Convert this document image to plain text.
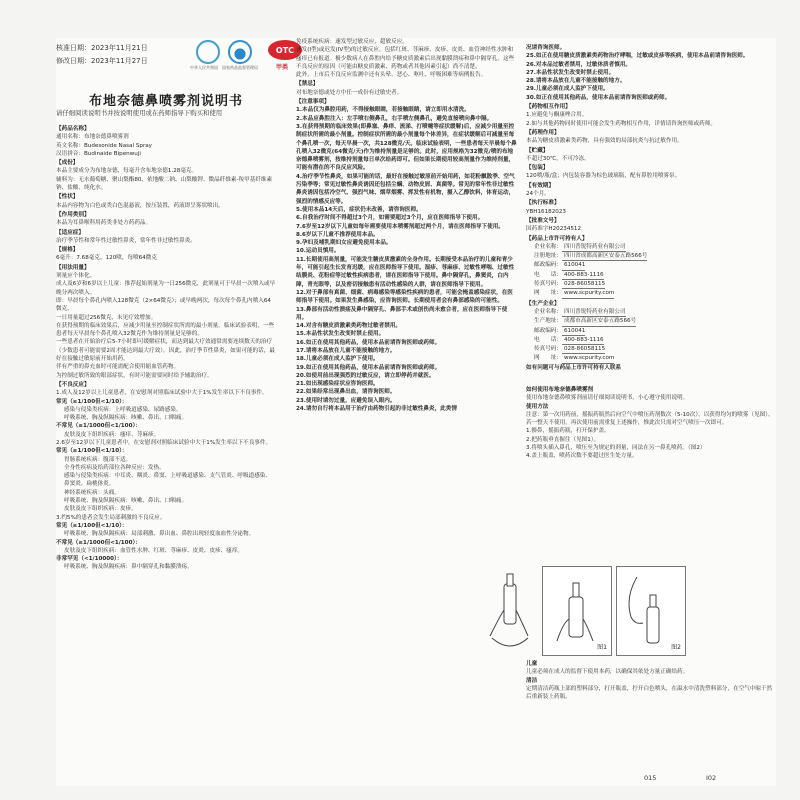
核准日期：2023年11月21日
修改日期：2023年11月27日
OTC
甲类
中华人民共和国 国家药品监督管理局
布地奈德鼻喷雾剂说明书
请仔细阅读说明书并按说明使用或在药师指导下购买和使用
【药品名称】
通用名称：布地奈德鼻喷雾剂
英文名称：Budesonide Nasal Spray
汉语拼音：Budinaide Bipenwuji
【成份】
本品主要成分为布地奈德，每毫升含布地奈德1.28毫克。
辅料为：无水葡萄糖、聚山梨酯80、依地酸二钠、山梨酸钾、微晶纤维素-羧甲基纤维素钠、盐酸、纯化水。
【性状】
本品内容物为白色或类白色混悬液，按压装置，药液即呈雾状喷出。
【作用类别】
本品为耳鼻喉科用药类非处方药药品。
【适应症】
治疗季节性和常年性过敏性鼻炎，常年性非过敏性鼻炎。
【规格】
6毫升：7.68毫克，120喷，每喷64微克
【用法用量】
剂量应个体化。
成人及6岁和6岁以上儿童：推荐起始剂量为一日256微克，此剂量可于早晨一次喷入或早晚分两次喷入。
即：早晨每个鼻孔内喷入128微克（2×64微克）；或早晚两次，每次每个鼻孔内喷入64微克。
一日用量超过256微克，未见疗效增加。
在获得预期的临床效果后，应减少用量至控制症状所需的最小剂量。临床试验表明，一些患者每天早晨每个鼻孔喷入32微克作为维持剂量是足够的。
一些患者在开始治疗后5-7小时即可缓解症状，而达到最大疗效通常需要连续数天的治疗（少数患者可能需要2周才能达到最大疗效）。因此，治疗季节性鼻炎，如果可能的话，最好在接触过敏原前开始用药。
伴有严重的鼻充血时可能需配合使用缩血管药物。
为控制过敏所致的眼部症状，有时可能需要同时给予辅助治疗。
【不良反应】
1.成人及12岁以上儿童患者，在安慰剂对照临床试验中大于1%发生率以下不良事件。
常见（≥1/100但<1/10）：
感染与侵染类疾病：上呼吸道感染、尿路感染。
呼吸系统、胸及纵隔疾病：咳嗽、鼻出、口咽痛。
不常见（≥1/1000但<1/100）：
皮肤及皮下组织疾病：瘙痒、荨麻疹。
2.6岁至12岁以下儿童患者中，在安慰剂对照临床试验中大于1%发生率以下不良事件。
常见（≥1/100但<1/10）：
胃肠系统疾病：腹部不适。
全身性疾病及给药部位各种反应：发热。
感染与侵染类疾病：中耳炎、咽炎、鼻窦、上呼吸道感染、支气管炎、呼吸道感染、鼻窦炎、扁桃体炎。
神经系统疾病：头痛。
呼吸系统、胸及纵隔疾病：咳嗽、鼻出、口咽痛。
皮肤及皮下组织疾病：皮疹。
3.约5%的患者会发生局部刺激的不良反应。
常见（≥1/100但<1/10）：
呼吸系统、胸及纵隔疾病：局部刺激、鼻出血、鼻腔出现轻度血血性分泌物。
不常见（≥1/1000但<1/100）：
皮肤及皮下组织疾病：血管性水肿、红斑、荨麻疹、皮炎、皮疹、瘙痒。
非常罕见（<1/10000）：
呼吸系统、胸及纵隔疾病：鼻中隔穿孔和黏膜溃疡。
免疫系统疾病：速发型过敏反应，超敏反应。
速发(I型)或迟发(IV型)的过敏反应，包括红斑、荨麻疹、皮疹、皮炎、血管神经性水肿和瘙痒已有报道。极少数病人在鼻腔内给予糖皮质激素后出现黏膜溃疡和鼻中隔穿孔。这些不良反应的原因（可能由糖皮质激素、药物或者其他因素引起）尚不清楚。
此外，上市后不良反应监测中还有头晕、恶心、呕吐、呼吸困难等病例报告。
【禁忌】
对布地奈德或处方中任一成份有过敏史者。
【注意事项】
1.本品仅为鼻腔用药，不得接触眼睛，若接触眼睛，请立即用水清洗。
2.本品应鼻腔注入：左手喷右侧鼻孔，右手喷左侧鼻孔，避免直接喷向鼻中隔。
3.在获得预期的临床效果(即鼻塞、鼻痒、流涕、打喷嚏等症状缓解)后，应减少用量至控制症状所需的最小剂量。控制症状所需的最小剂量每个体差异，在症状缓解后可减量至每个鼻孔喷一次，每天早晨一次，共128微克/天。临床试验表明，一些患者每天早晨每个鼻孔喷入32微克(64微克/天)作为维持剂量是足够的。此时，应用规格为32微克/喷的布地奈德鼻喷雾剂，按维持剂量每日单次给药即可。但如果长期使用较高剂量作为维持剂量，可能有潜在的不良反应风险。
4.治疗季节性鼻炎，如果可能的话，最好在接触过敏原前开始用药，如花粉飘散季、空气污染季等；常见过敏性鼻炎诱因还包括尘螨、动物皮屑、真菌等。常见的常年性非过敏性鼻炎诱因包括冷空气、强烈气味、烟草烟雾、挥发性有机物，摄入乙醇饮料，体育运动，强烈的情感反应等。
5.使用本品14天后，症状仍未改善，请咨询医师。
6.自我治疗时间不得超过3个月，如需要超过3个月，应在医师指导下使用。
7.6岁至12岁以下儿童如每年需要使用本喷雾剂超过两个月，请在医师指导下使用。
8.6岁以下儿童不推荐使用本品。
9.孕妇及哺乳期妇女应避免使用本品。
10.运动员慎用。
11.长期使用高剂量，可能发生糖皮质激素的全身作用。长期接受本品治疗的儿童和青少年，可能引起生长发育迟缓，应在医师指导下使用。湿疹、荨麻疹、过敏性哮喘、过敏性结膜炎、花粉症等过敏性疾病患者，请在医师指导下使用。鼻中隔穿孔，鼻窦炎，白内障，青光眼等，以及密切接触患有活动性感染的人群，请在医师指导下使用。
12.对于鼻部有真菌、细菌、病毒感染等感染性疾病的患者，可能会掩盖感染症状，在医师指导下使用。如果发生鼻感染，应咨询医师。长期使用者会有鼻部感染的可能性。
13.鼻部有活动性溃疡及鼻中隔穿孔、鼻部手术或创伤尚未愈合者，应在医师指导下使用。
14.对含有糖皮质激素类药物过敏者禁用。
15.本品性状发生改变时禁止使用。
16.如正在使用其他药品，使用本品前请咨询医师或药师。
17.请将本品放在儿童不能接触的地方。
18.儿童必须在成人监护下使用。
19.如正在使用其他药品，使用本品前请咨询医师或药师。
20.如使用前出现强烈的过敏反应，请立即停药并就医。
21.如出现感染症状应咨询医师。
22.如果经常出现鼻出血，请咨询医师。
23.使用时请勿过量，应避免误入眼内。
24.请勿自行将本品用于治疗由药物引起的非过敏性鼻炎，此类情
况请咨询医师。
25.如正在使用糖皮质激素类药物治疗哮喘，过敏或皮疹等疾病，使用本品前请咨询医师。
26.对本品过敏者禁用，过敏体质者慎用。
27.本品性状发生改变时禁止使用。
28.请将本品放在儿童不能接触的地方。
29.儿童必须在成人监护下使用。
30.如正在使用其他药品，使用本品前请咨询医师或药师。
【药物相互作用】
1.应避免与酮康唑合用。
2.如与其他药物同时使用可能会发生药物相互作用，详情请咨询医师或药师。
【药理作用】
本品为糖皮质激素类药物，具有强效的局部抗炎与抗过敏作用。
【贮藏】
不超过30℃，不可冷冻。
【包装】
120喷/瓶/盒；内包装容器为棕色玻璃瓶，配有鼻腔用喷雾泵。
【有效期】
24个月。
【执行标准】
YBH16182023
【批准文号】
国药准字H20234512
【药品上市许可持有人】
企业名称： 四川普锐特药业有限公司
注册地址： 四川省成都高新区安泰五路566号
邮政编码： 610041
电　　话： 400-883-1116
传真号码： 028-86058115
网　　址： www.scpurity.com
【生产企业】
企业名称： 四川普锐特药业有限公司
生产地址： 成都市高新区安泰五路566号
邮政编码： 610041
电　　话： 400-883-1116
传真号码： 028-86058115
网　　址： www.scpurity.com
如有问题可与药品上市许可持有人联系
如何使用布地奈德鼻喷雾剂
使用布地奈德鼻喷雾剂前请仔细阅读说明书，小心遵守使用说明。
使用方法
注意：第一次用药前，摇振药瓶然后向空气中喷压药剂数次（5-10次），以获得均匀的喷雾（见图）。若一整天不使用，再次使用前需重复上述操作，惟此次只需对空气喷压一次即可。
1.擤鼻，摇振药瓶，打开保护盖。
2.把药瓶垂直握住（见图1）。
3.将喷头插入鼻孔，喷压至为规定的剂量，同法在另一鼻孔喷药。（图2）
4.盖上瓶盖，喷药次数不要超过医生处方量。
图1	图2
儿童
儿童必须在成人的监督下使用本药，以确保其依处方量正确给药。
清洁
定期清洁药瓶上部的塑料部分，打开瓶盖，拧开白色喷头，在温水中清洗塑料部分，在空气中晾干然后重新装上药瓶。
015	I02
